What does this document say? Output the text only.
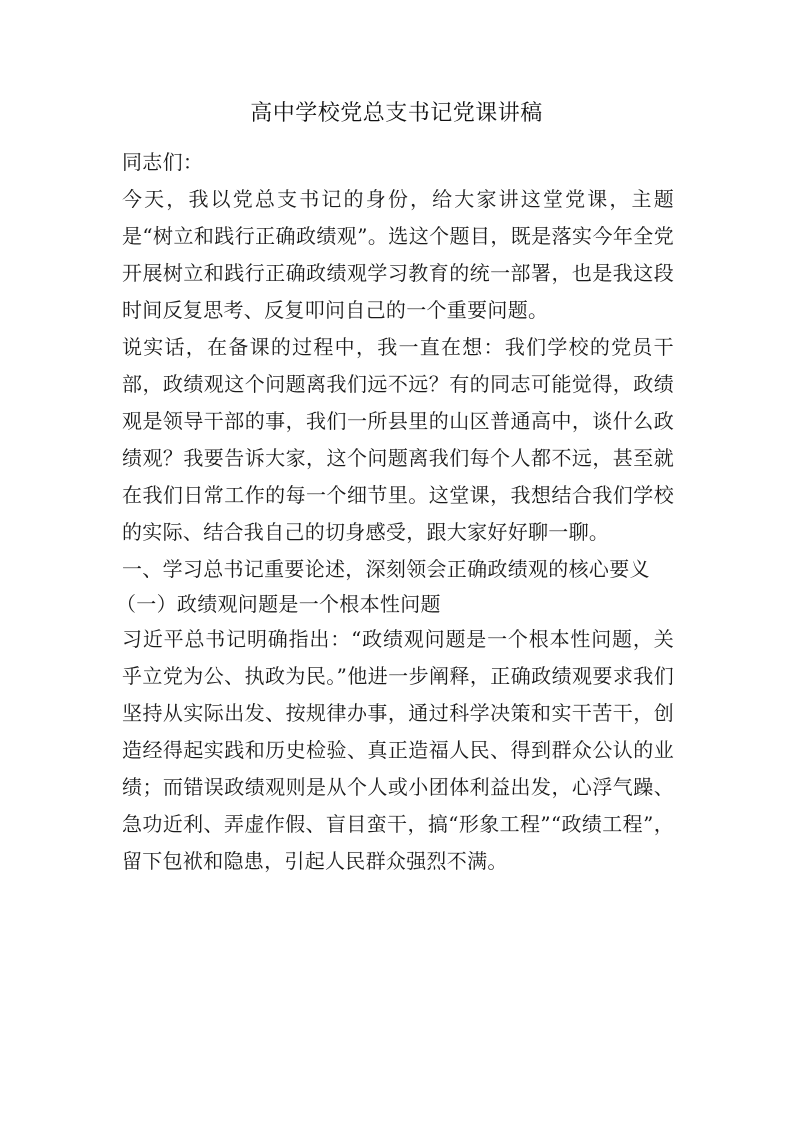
高中学校党总支书记党课讲稿

同志们：

今天，我以党总支书记的身份，给大家讲这堂党课，主题是“树立和践行正确政绩观”。选这个题目，既是落实今年全党开展树立和践行正确政绩观学习教育的统一部署，也是我这段时间反复思考、反复叩问自己的一个重要问题。

说实话，在备课的过程中，我一直在想：我们学校的党员干部，政绩观这个问题离我们远不远？有的同志可能觉得，政绩观是领导干部的事，我们一所县里的山区普通高中，谈什么政绩观？我要告诉大家，这个问题离我们每个人都不远，甚至就在我们日常工作的每一个细节里。这堂课，我想结合我们学校的实际、结合我自己的切身感受，跟大家好好聊一聊。

一、学习总书记重要论述，深刻领会正确政绩观的核心要义

（一）政绩观问题是一个根本性问题

习近平总书记明确指出：“政绩观问题是一个根本性问题，关乎立党为公、执政为民。”他进一步阐释，正确政绩观要求我们坚持从实际出发、按规律办事，通过科学决策和实干苦干，创造经得起实践和历史检验、真正造福人民、得到群众公认的业绩；而错误政绩观则是从个人或小团体利益出发，心浮气躁、急功近利、弄虚作假、盲目蛮干，搞“形象工程”“政绩工程”，留下包袱和隐患，引起人民群众强烈不满。
